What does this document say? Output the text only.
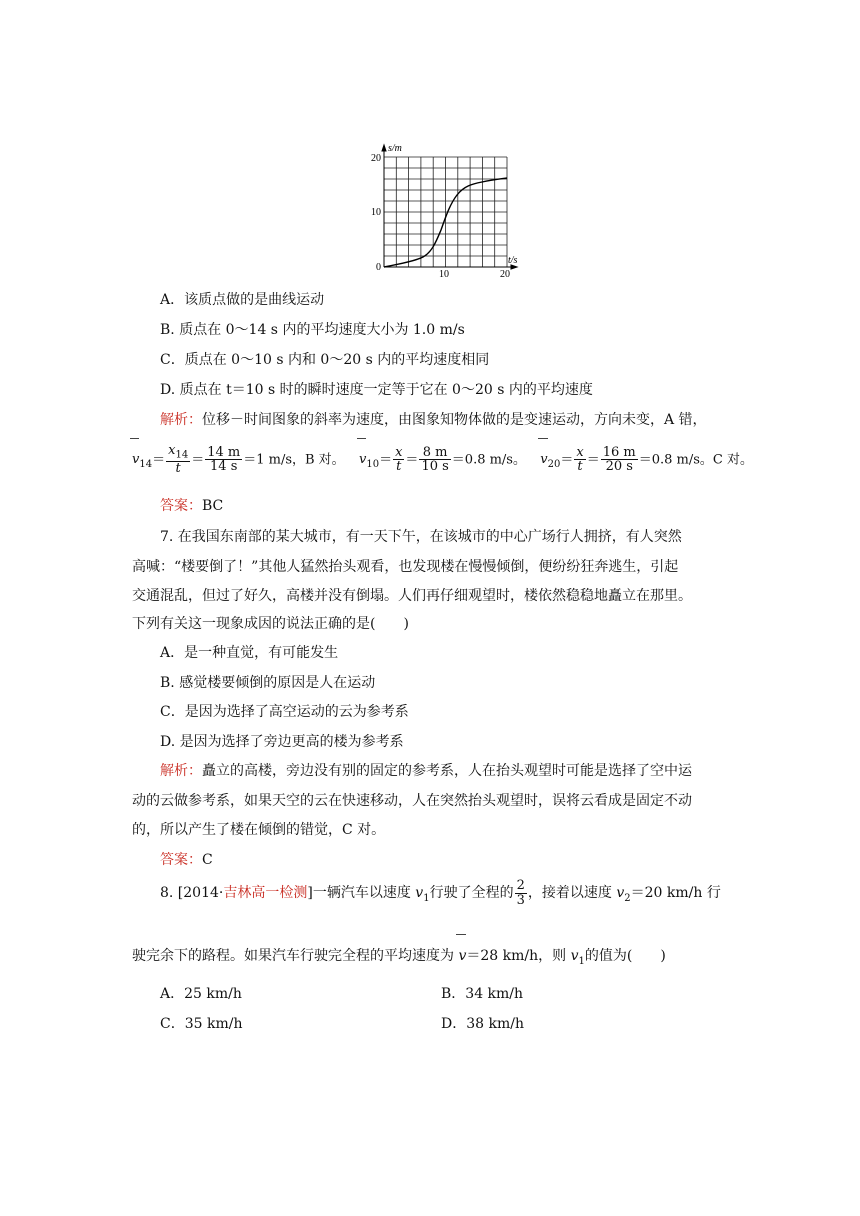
s/m
t/s
20
10
0
10	20
A．该质点做的是曲线运动
B. 质点在 0～14 s 内的平均速度大小为 1.0 m/s
C．质点在 0～10 s 内和 0～20 s 内的平均速度相同
D. 质点在 t＝10 s 时的瞬时速度一定等于它在 0～20 s 内的平均速度
解析：位移－时间图象的斜率为速度，由图象知物体做的是变速运动，方向未变，A 错，
$v_{14}= \frac{x_{14}}{t} = \frac{14 m}{14 s} =1$ m/s，B 对。 $v_{10}= \frac{x}{t} = \frac{8 m}{10 s} =0.8$ m/s。 $v_{20}= \frac{x}{t} = \frac{16 m}{20 s} =0.8$ m/s。C 对。
答案：BC
7. 在我国东南部的某大城市，有一天下午，在该城市的中心广场行人拥挤，有人突然
高喊：“楼要倒了！”其他人猛然抬头观看，也发现楼在慢慢倾倒，便纷纷狂奔逃生，引起
交通混乱，但过了好久，高楼并没有倒塌。人们再仔细观望时，楼依然稳稳地矗立在那里。
下列有关这一现象成因的说法正确的是(　　)
A．是一种直觉，有可能发生
B. 感觉楼要倾倒的原因是人在运动
C．是因为选择了高空运动的云为参考系
D. 是因为选择了旁边更高的楼为参考系
解析：矗立的高楼，旁边没有别的固定的参考系，人在抬头观望时可能是选择了空中运
动的云做参考系，如果天空的云在快速移动，人在突然抬头观望时，误将云看成是固定不动
的，所以产生了楼在倾倒的错觉，C 对。
答案：C
8. [2014·吉林高一检测]一辆汽车以速度 $v_1$行驶了全程的 $\frac{2}{3}$ ，接着以速度 $v_2=20$ km/h 行
驶完余下的路程。如果汽车行驶完全程的平均速度为 v＝28 km/h，则 $v_1$的值为(　　)
A．25 km/h	B．34 km/h
C．35 km/h	D．38 km/h
